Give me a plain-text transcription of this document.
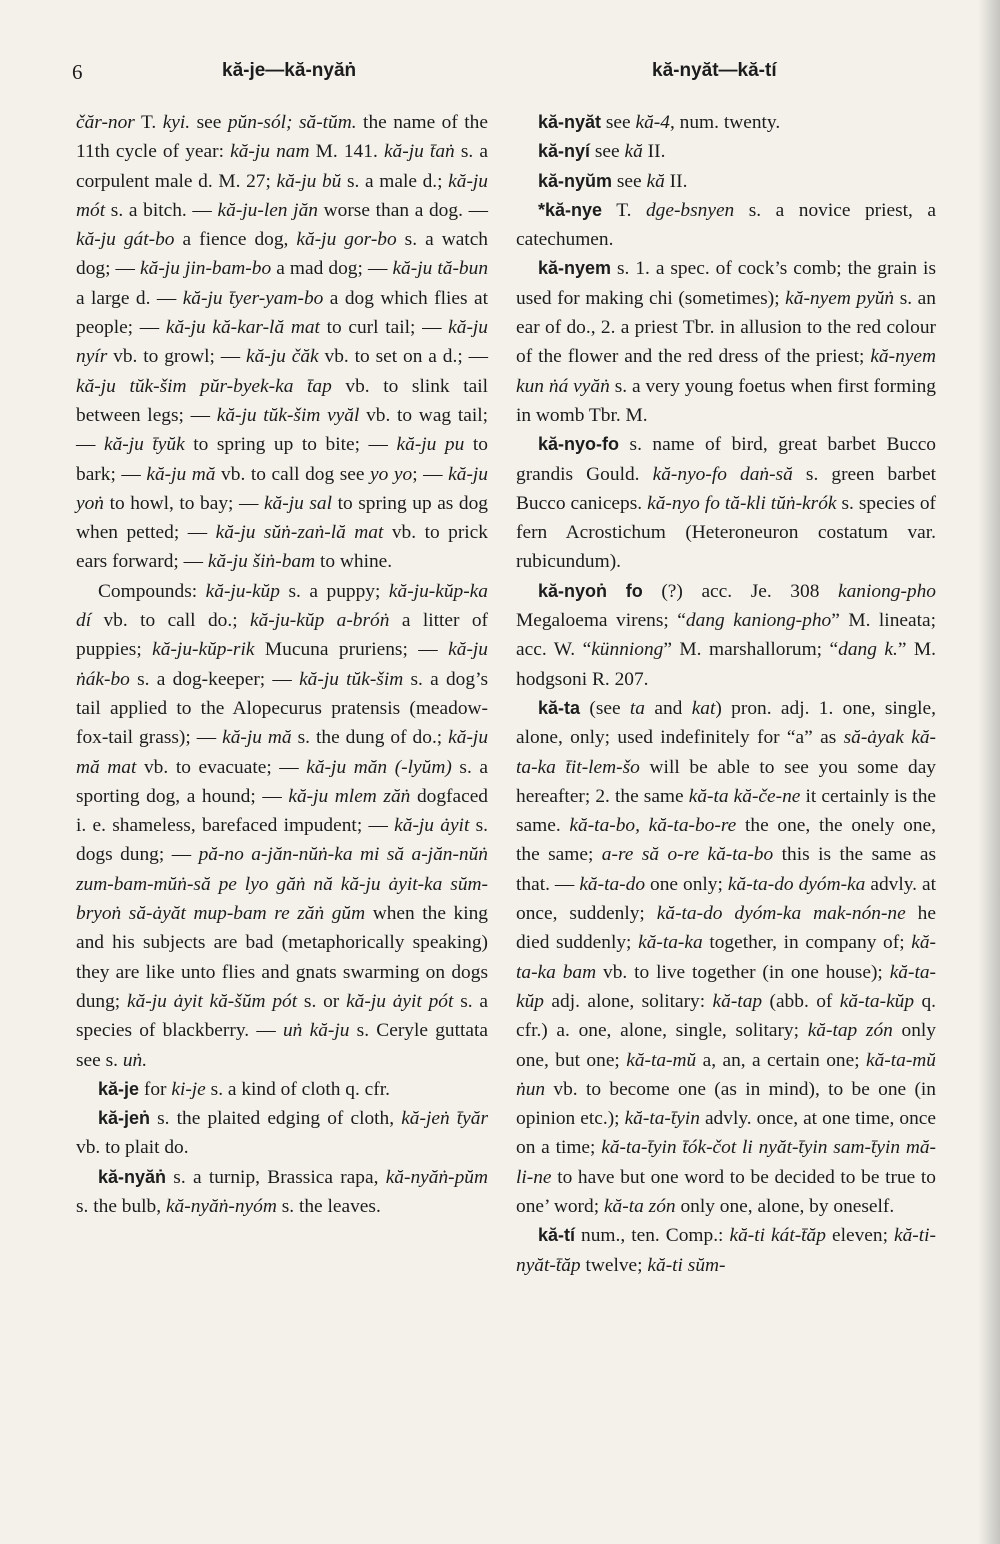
6	kă-je—kă-nyăṅ	kă-nyăt—kă-tí

čăr-nor T. kyi. see pŭn-sól; să-tŭm. the name of the 11th cycle of year: kă-ju nam M. 141. kă-ju t̄aṅ s. a corpulent male d. M. 27; kă-ju bŭ s. a male d.; kă-ju mót s. a bitch. — kă-ju-len jăn worse than a dog. — kă-ju gát-bo a fience dog, kă-ju gor-bo s. a watch dog; — kă-ju jin-bam-bo a mad dog; — kă-ju tă-bun a large d. — kă-ju t̄yer-yam-bo a dog which flies at people; — kă-ju kă-kar-lă mat to curl tail; — kă-ju nyír vb. to growl; — kă-ju čăk vb. to set on a d.; — kă-ju tŭk-šim pŭr-byek-ka t̄ap vb. to slink tail between legs; — kă-ju tŭk-šim vyăl vb. to wag tail; — kă-ju t̄yŭk to spring up to bite; — kă-ju pu to bark; — kă-ju mă vb. to call dog see yo yo; — kă-ju yoṅ to howl, to bay; — kă-ju sal to spring up as dog when petted; — kă-ju sŭṅ-zaṅ-lă mat vb. to prick ears forward; — kă-ju šiṅ-bam to whine.

Compounds: kă-ju-kŭp s. a puppy; kă-ju-kŭp-ka dí vb. to call do.; kă-ju-kŭp a-bróṅ a litter of puppies; kă-ju-kŭp-rik Mucuna pruriens; — kă-ju ṅák-bo s. a dog-keeper; — kă-ju tŭk-šim s. a dog’s tail applied to the Alopecurus pratensis (meadow-fox-tail grass); — kă-ju mă s. the dung of do.; kă-ju mă mat vb. to evacuate; — kă-ju măn (-lyŭm) s. a sporting dog, a hound; — kă-ju mlem zăṅ dogfaced i. e. shameless, barefaced impudent; — kă-ju ȧyit s. dogs dung; — pă-no a-jăn-nŭṅ-ka mi să a-jăn-nŭṅ zum-bam-mŭṅ-să pe lyo găṅ nă kă-ju ȧyit-ka sŭm-bryoṅ să-ȧyăt mup-bam re zăṅ gŭm when the king and his subjects are bad (metaphorically speaking) they are like unto flies and gnats swarming on dogs dung; kă-ju ȧyit kă-šŭm pót s. or kă-ju ȧyit pót s. a species of blackberry. — uṅ kă-ju s. Ceryle guttata see s. uṅ.

kă-je for ki-je s. a kind of cloth q. cfr.

kă-jeṅ s. the plaited edging of cloth, kă-jeṅ t̄yăr vb. to plait do.

kă-nyăṅ s. a turnip, Brassica rapa, kă-nyăṅ-pŭm s. the bulb, kă-nyăṅ-nyóm s. the leaves.

kă-nyăt see kă-4, num. twenty.

kă-nyí see kă II.

kă-nyŭm see kă II.

*kă-nye T. dge-bsnyen s. a novice priest, a catechumen.

kă-nyem s. 1. a spec. of cock’s comb; the grain is used for making chi (sometimes); kă-nyem pyŭṅ s. an ear of do., 2. a priest Tbr. in allusion to the red colour of the flower and the red dress of the priest; kă-nyem kun ṅá vyăṅ s. a very young foetus when first forming in womb Tbr. M.

kă-nyo-fo s. name of bird, great barbet Bucco grandis Gould. kă-nyo-fo daṅ-să s. green barbet Bucco caniceps. kă-nyo fo tă-kli tŭṅ-krók s. species of fern Acrostichum (Heteroneuron costatum var. rubicundum).

kă-nyoṅ fo (?) acc. Je. 308 kaniong-pho Megaloema virens; “dang kaniong-pho” M. lineata; acc. W. “künniong” M. marshallorum; “dang k.” M. hodgsoni R. 207.

kă-ta (see ta and kat) pron. adj. 1. one, single, alone, only; used indefinitely for “a” as să-ȧyak kă-ta-ka t̄it-lem-šo will be able to see you some day hereafter; 2. the same kă-ta kă-če-ne it certainly is the same. kă-ta-bo, kă-ta-bo-re the one, the onely one, the same; a-re să o-re kă-ta-bo this is the same as that. — kă-ta-do one only; kă-ta-do dyóm-ka advly. at once, suddenly; kă-ta-do dyóm-ka mak-nón-ne he died suddenly; kă-ta-ka together, in company of; kă-ta-ka bam vb. to live together (in one house); kă-ta-kŭp adj. alone, solitary: kă-tap (abb. of kă-ta-kŭp q. cfr.) a. one, alone, single, solitary; kă-tap zón only one, but one; kă-ta-mŭ a, an, a certain one; kă-ta-mŭ ṅun vb. to become one (as in mind), to be one (in opinion etc.); kă-ta-t̄yin advly. once, at one time, once on a time; kă-ta-t̄yin t̄ók-čot li nyăt-t̄yin sam-t̄yin mă-li-ne to have but one word to be decided to be true to one’ word; kă-ta zón only one, alone, by oneself.

kă-tí num., ten. Comp.: kă-ti kát-t̄ăp eleven; kă-ti-nyăt-t̄ăp twelve; kă-ti sŭm-
